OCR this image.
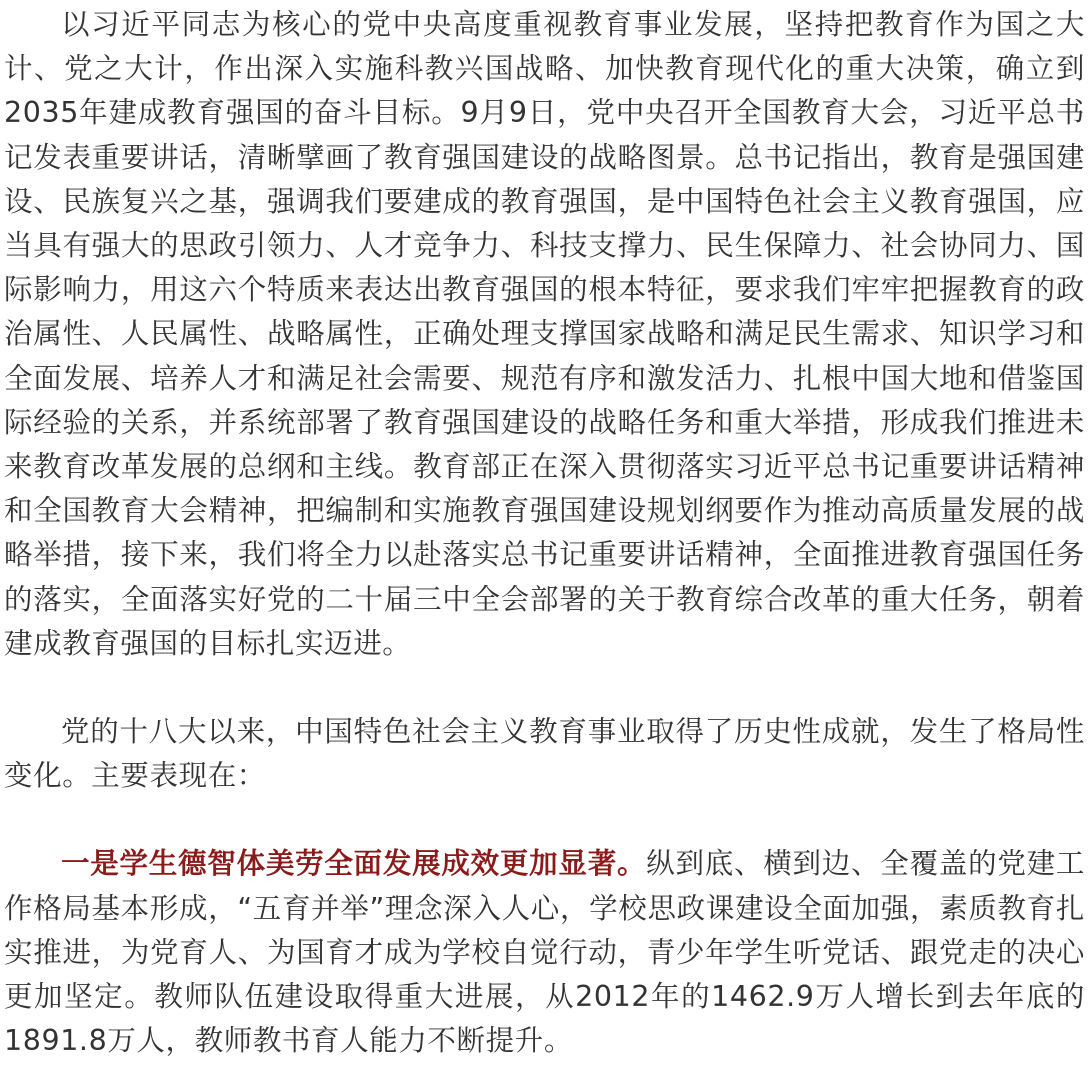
以习近平同志为核心的党中央高度重视教育事业发展，坚持把教育作为国之大计、党之大计，作出深入实施科教兴国战略、加快教育现代化的重大决策，确立到2035年建成教育强国的奋斗目标。9月9日，党中央召开全国教育大会，习近平总书记发表重要讲话，清晰擘画了教育强国建设的战略图景。总书记指出，教育是强国建设、民族复兴之基，强调我们要建成的教育强国，是中国特色社会主义教育强国，应当具有强大的思政引领力、人才竞争力、科技支撑力、民生保障力、社会协同力、国际影响力，用这六个特质来表达出教育强国的根本特征，要求我们牢牢把握教育的政治属性、人民属性、战略属性，正确处理支撑国家战略和满足民生需求、知识学习和全面发展、培养人才和满足社会需要、规范有序和激发活力、扎根中国大地和借鉴国际经验的关系，并系统部署了教育强国建设的战略任务和重大举措，形成我们推进未来教育改革发展的总纲和主线。教育部正在深入贯彻落实习近平总书记重要讲话精神和全国教育大会精神，把编制和实施教育强国建设规划纲要作为推动高质量发展的战略举措，接下来，我们将全力以赴落实总书记重要讲话精神，全面推进教育强国任务的落实，全面落实好党的二十届三中全会部署的关于教育综合改革的重大任务，朝着建成教育强国的目标扎实迈进。

党的十八大以来，中国特色社会主义教育事业取得了历史性成就，发生了格局性变化。主要表现在：

一是学生德智体美劳全面发展成效更加显著。纵到底、横到边、全覆盖的党建工作格局基本形成，“五育并举”理念深入人心，学校思政课建设全面加强，素质教育扎实推进，为党育人、为国育才成为学校自觉行动，青少年学生听党话、跟党走的决心更加坚定。教师队伍建设取得重大进展，从2012年的1462.9万人增长到去年底的1891.8万人，教师教书育人能力不断提升。
